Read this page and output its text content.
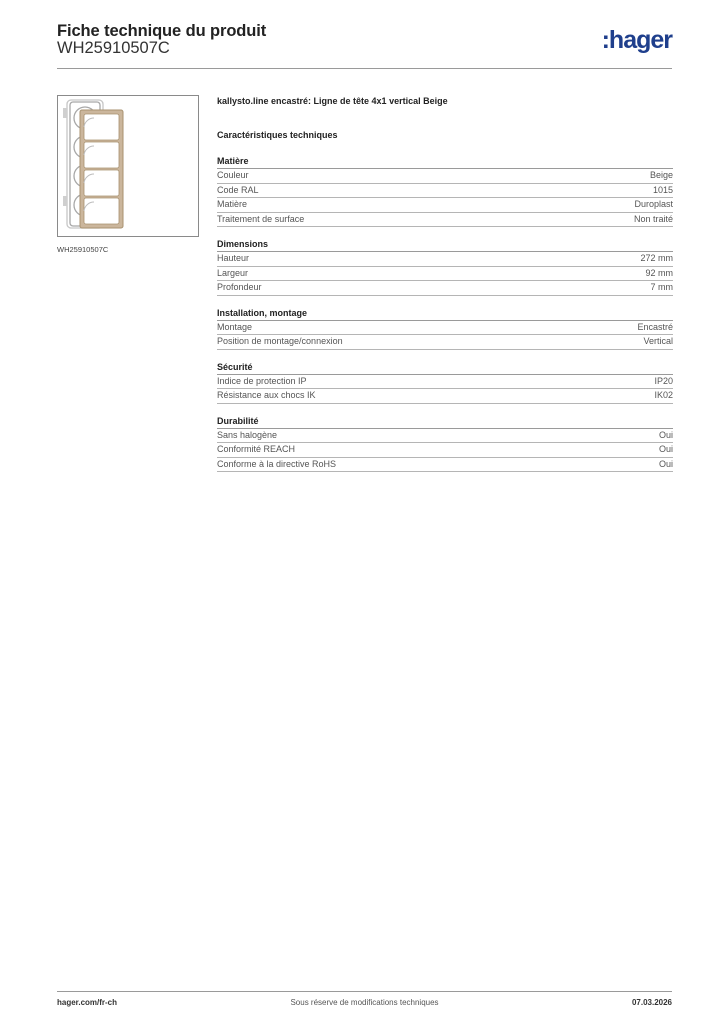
Fiche technique du produit
WH25910507C	:hager
WH25910507C
kallysto.line encastré: Ligne de tête 4x1 vertical Beige
Caractéristiques techniques
Matière
Couleur	Beige
Code RAL	1015
Matière	Duroplast
Traitement de surface	Non traité
Dimensions
Hauteur	272 mm
Largeur	92 mm
Profondeur	7 mm
Installation, montage
Montage	Encastré
Position de montage/connexion	Vertical
Sécurité
Indice de protection IP	IP20
Résistance aux chocs IK	IK02
Durabilité
Sans halogène	Oui
Conformité REACH	Oui
Conforme à la directive RoHS	Oui
hager.com/fr-ch	Sous réserve de modifications techniques	07.03.2026
